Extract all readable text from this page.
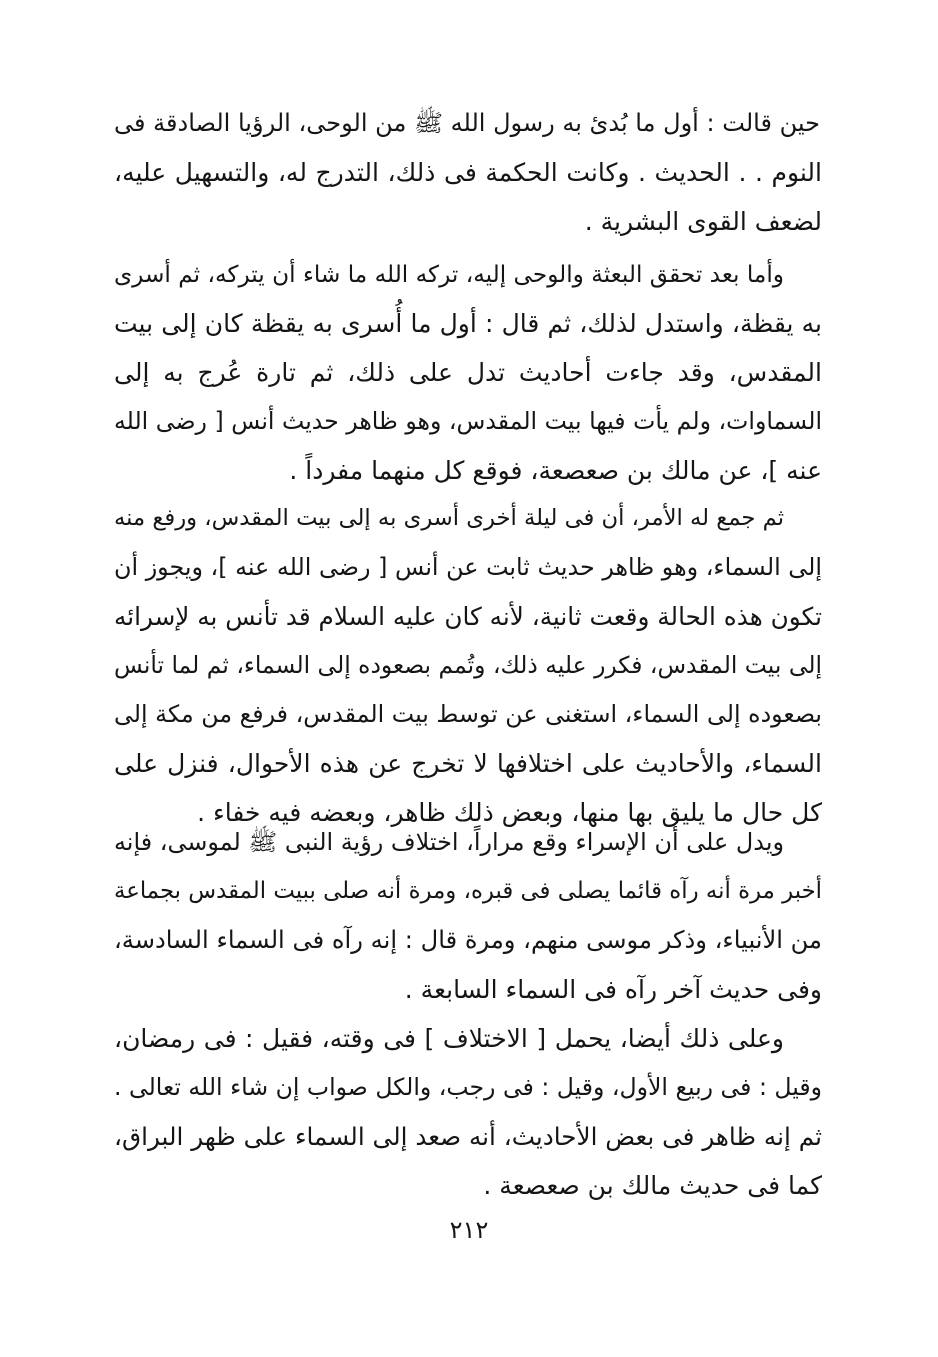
حين قالت : أول ما بُدئ به رسول الله ﷺ من الوحى، الرؤيا الصادقة فى
النوم . . الحديث . وكانت الحكمة فى ذلك، التدرج له، والتسهيل عليه،
لضعف القوى البشرية .
وأما بعد تحقق البعثة والوحى إليه، تركه الله ما شاء أن يتركه، ثم أسرى
به يقظة، واستدل لذلك، ثم قال : أول ما أُسرى به يقظة كان إلى بيت
المقدس، وقد جاءت أحاديث تدل على ذلك، ثم تارة عُرج به إلى
السماوات، ولم يأت فيها بيت المقدس، وهو ظاهر حديث أنس [ رضى الله
عنه ]، عن مالك بن صعصعة، فوقع كل منهما مفرداً .
ثم جمع له الأمر، أن فى ليلة أخرى أسرى به إلى بيت المقدس، ورفع منه
إلى السماء، وهو ظاهر حديث ثابت عن أنس [ رضى الله عنه ]، ويجوز أن
تكون هذه الحالة وقعت ثانية، لأنه كان عليه السلام قد تأنس به لإسرائه
إلى بيت المقدس، فكرر عليه ذلك، وتُمم بصعوده إلى السماء، ثم لما تأنس
بصعوده إلى السماء، استغنى عن توسط بيت المقدس، فرفع من مكة إلى
السماء، والأحاديث على اختلافها لا تخرج عن هذه الأحوال، فنزل على
كل حال ما يليق بها منها، وبعض ذلك ظاهر، وبعضه فيه خفاء .
ويدل على أن الإسراء وقع مراراً، اختلاف رؤية النبى ﷺ لموسى، فإنه
أخبر مرة أنه رآه قائما يصلى فى قبره، ومرة أنه صلى ببيت المقدس بجماعة
من الأنبياء، وذكر موسى منهم، ومرة قال : إنه رآه فى السماء السادسة،
وفى حديث آخر رآه فى السماء السابعة .
وعلى ذلك أيضا، يحمل [ الاختلاف ] فى وقته، فقيل : فى رمضان،
وقيل : فى ربيع الأول، وقيل : فى رجب، والكل صواب إن شاء الله تعالى .
ثم إنه ظاهر فى بعض الأحاديث، أنه صعد إلى السماء على ظهر البراق،
كما فى حديث مالك بن صعصعة .
٢١٢
